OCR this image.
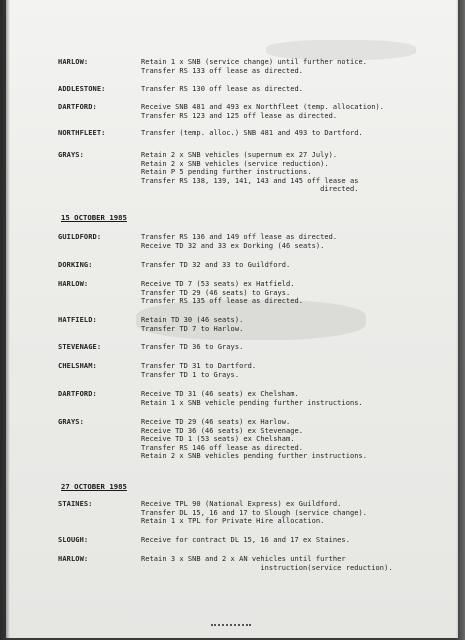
HARLOW:	Retain 1 x SNB (service change) until further notice.
Transfer RS 133 off lease as directed.
ADDLESTONE:	Transfer RS 130 off lease as directed.
DARTFORD:	Receive SNB 481 and 493 ex Northfleet (temp. allocation).
Transfer RS 123 and 125 off lease as directed.
NORTHFLEET:	Transfer (temp. alloc.) SNB 481 and 493 to Dartford.
GRAYS:	Retain 2 x SNB vehicles (supernum ex 27 July).
Retain 2 x SNB vehicles (service reduction).
Retain P 5 pending further instructions.
Transfer RS 138, 139, 141, 143 and 145 off lease as
directed.
15 OCTOBER 1985
GUILDFORD:	Transfer RS 136 and 149 off lease as directed.
Receive TD 32 and 33 ex Dorking (46 seats).
DORKING:	Transfer TD 32 and 33 to Guildford.
HARLOW:	Receive TD 7 (53 seats) ex Hatfield.
Transfer TD 29 (46 seats) to Grays.
Transfer RS 135 off lease as directed.
HATFIELD:	Retain TD 30 (46 seats).
Transfer TD 7 to Harlow.
STEVENAGE:	Transfer TD 36 to Grays.
CHELSHAM:	Transfer TD 31 to Dartford.
Transfer TD 1 to Grays.
DARTFORD:	Receive TD 31 (46 seats) ex Chelsham.
Retain 1 x SNB vehicle pending further instructions.
GRAYS:	Receive TD 29 (46 seats) ex Harlow.
Receive TD 36 (46 seats) ex Stevenage.
Receive TD 1 (53 seats) ex Chelsham.
Transfer RS 146 off lease as directed.
Retain 2 x SNB vehicles pending further instructions.
27 OCTOBER 1985
STAINES:	Receive TPL 90 (National Express) ex Guildford.
Transfer DL 15, 16 and 17 to Slough (service change).
Retain 1 x TPL for Private Hire allocation.
SLOUGH:	Receive for contract DL 15, 16 and 17 ex Staines.
HARLOW:	Retain 3 x SNB and 2 x AN vehicles until further
instruction(service reduction).
